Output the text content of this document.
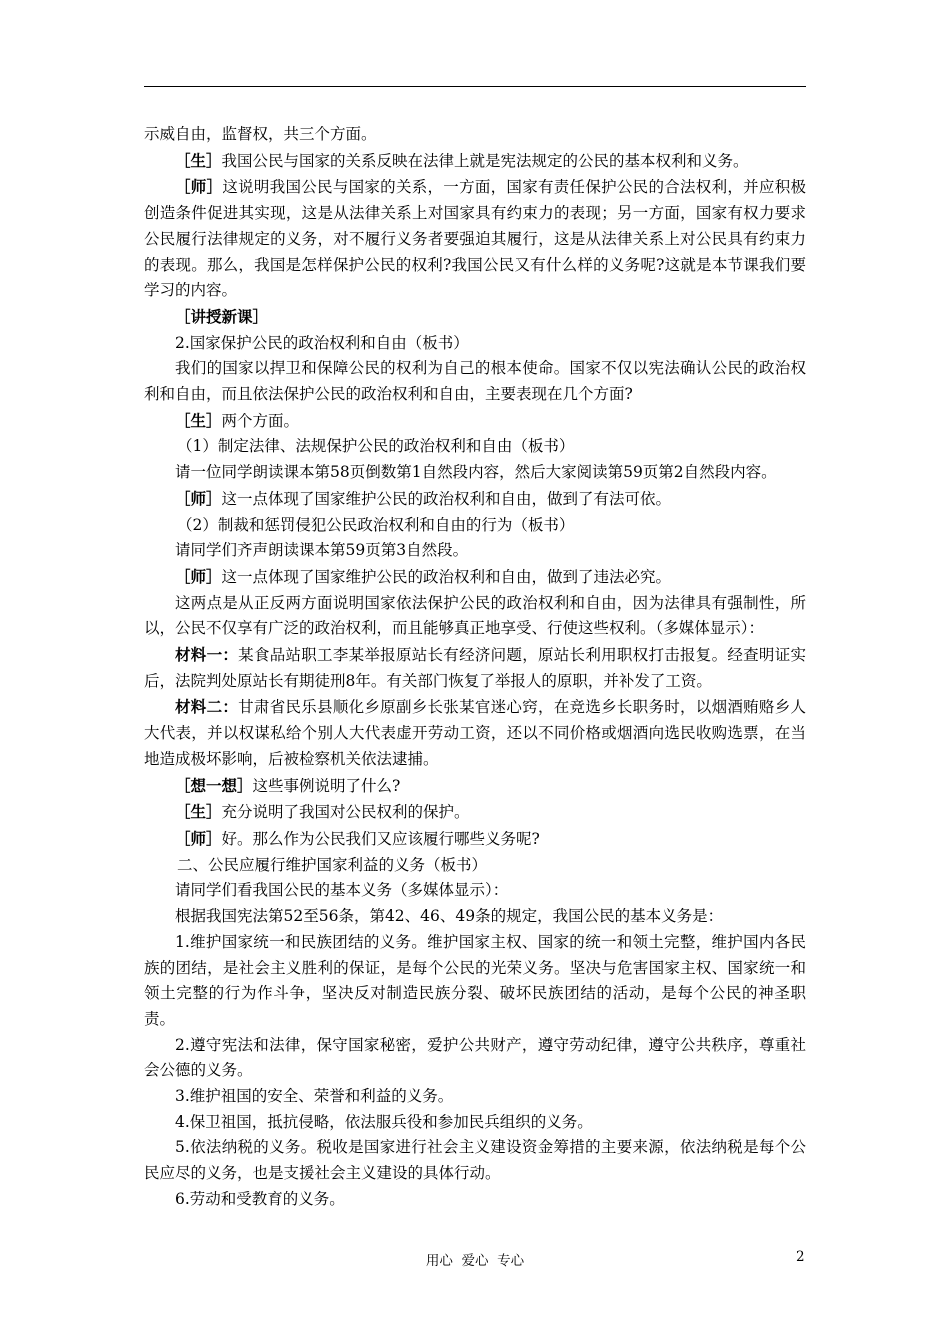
示威自由，监督权，共三个方面。

［生］我国公民与国家的关系反映在法律上就是宪法规定的公民的基本权利和义务。

［师］这说明我国公民与国家的关系，一方面，国家有责任保护公民的合法权利，并应积极创造条件促进其实现，这是从法律关系上对国家具有约束力的表现；另一方面，国家有权力要求公民履行法律规定的义务，对不履行义务者要强迫其履行，这是从法律关系上对公民具有约束力的表现。那么，我国是怎样保护公民的权利?我国公民又有什么样的义务呢?这就是本节课我们要学习的内容。

［讲授新课］

2.国家保护公民的政治权利和自由（板书）

我们的国家以捍卫和保障公民的权利为自己的根本使命。国家不仅以宪法确认公民的政治权利和自由，而且依法保护公民的政治权利和自由，主要表现在几个方面?

［生］两个方面。

（1）制定法律、法规保护公民的政治权利和自由（板书）

请一位同学朗读课本第58页倒数第1自然段内容，然后大家阅读第59页第2自然段内容。

［师］这一点体现了国家维护公民的政治权利和自由，做到了有法可依。

（2）制裁和惩罚侵犯公民政治权利和自由的行为（板书）

请同学们齐声朗读课本第59页第3自然段。

［师］这一点体现了国家维护公民的政治权利和自由，做到了违法必究。

这两点是从正反两方面说明国家依法保护公民的政治权利和自由，因为法律具有强制性，所以，公民不仅享有广泛的政治权利，而且能够真正地享受、行使这些权利。（多媒体显示）：

材料一：某食品站职工李某举报原站长有经济问题，原站长利用职权打击报复。经查明证实后，法院判处原站长有期徒刑8年。有关部门恢复了举报人的原职，并补发了工资。

材料二：甘肃省民乐县顺化乡原副乡长张某官迷心窍，在竞选乡长职务时，以烟酒贿赂乡人大代表，并以权谋私给个别人大代表虚开劳动工资，还以不同价格或烟酒向选民收购选票，在当地造成极坏影响，后被检察机关依法逮捕。

［想一想］这些事例说明了什么?

［生］充分说明了我国对公民权利的保护。

［师］好。那么作为公民我们又应该履行哪些义务呢?

二、公民应履行维护国家利益的义务（板书）

请同学们看我国公民的基本义务（多媒体显示）：

根据我国宪法第52至56条，第42、46、49条的规定，我国公民的基本义务是：

1.维护国家统一和民族团结的义务。维护国家主权、国家的统一和领土完整，维护国内各民族的团结，是社会主义胜利的保证，是每个公民的光荣义务。坚决与危害国家主权、国家统一和领土完整的行为作斗争，坚决反对制造民族分裂、破坏民族团结的活动，是每个公民的神圣职责。

2.遵守宪法和法律，保守国家秘密，爱护公共财产，遵守劳动纪律，遵守公共秩序，尊重社会公德的义务。

3.维护祖国的安全、荣誉和利益的义务。

4.保卫祖国，抵抗侵略，依法服兵役和参加民兵组织的义务。

5.依法纳税的义务。税收是国家进行社会主义建设资金筹措的主要来源，依法纳税是每个公民应尽的义务，也是支援社会主义建设的具体行动。

6.劳动和受教育的义务。

用心  爱心  专心	2
